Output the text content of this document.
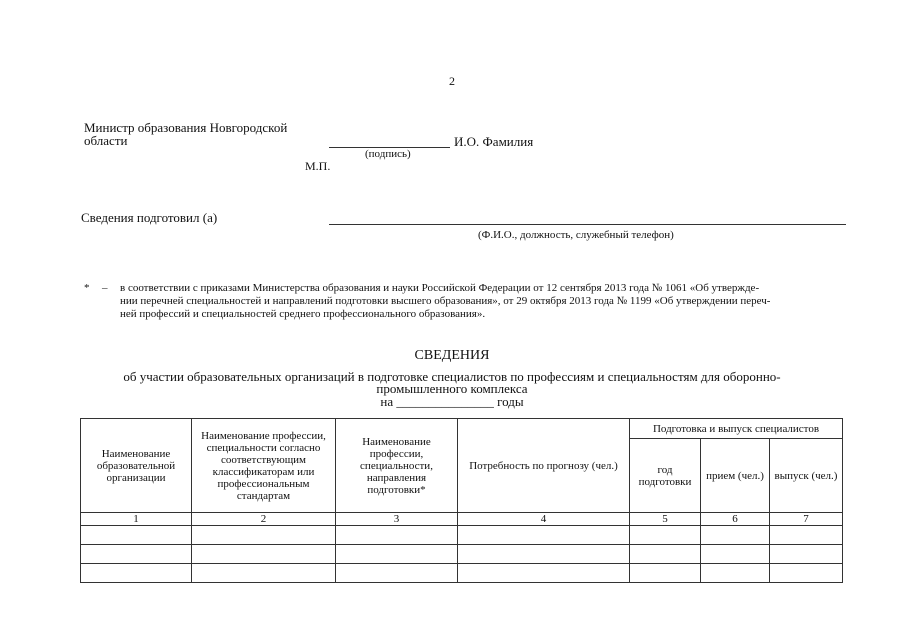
2
Министр образования Новгородской
области	И.О. Фамилия
(подпись)
М.П.
Сведения подготовил (а)
(Ф.И.О., должность, служебный телефон)
* – в соответствии с приказами Министерства образования и науки Российской Федерации от 12 сентября 2013 года № 1061 «Об утвержде-
нии перечней специальностей и направлений подготовки высшего образования», от 29 октября 2013 года № 1199 «Об утверждении переч-
ней профессий и специальностей среднего профессионального образования».
СВЕДЕНИЯ
об участии образовательных организаций в подготовке специалистов по профессиям и специальностям для оборонно-
промышленного комплекса
на _______________ годы
Наименование образовательной организации	Наименование профессии, специальности согласно соответствующим классификаторам или профессиональным стандартам	Наименование профессии, специальности, направления подготовки*	Потребность по прогнозу (чел.)	Подготовка и выпуск специалистов		
				год подготовки	прием (чел.)	выпуск (чел.)
1	2	3	4	5	6	7
